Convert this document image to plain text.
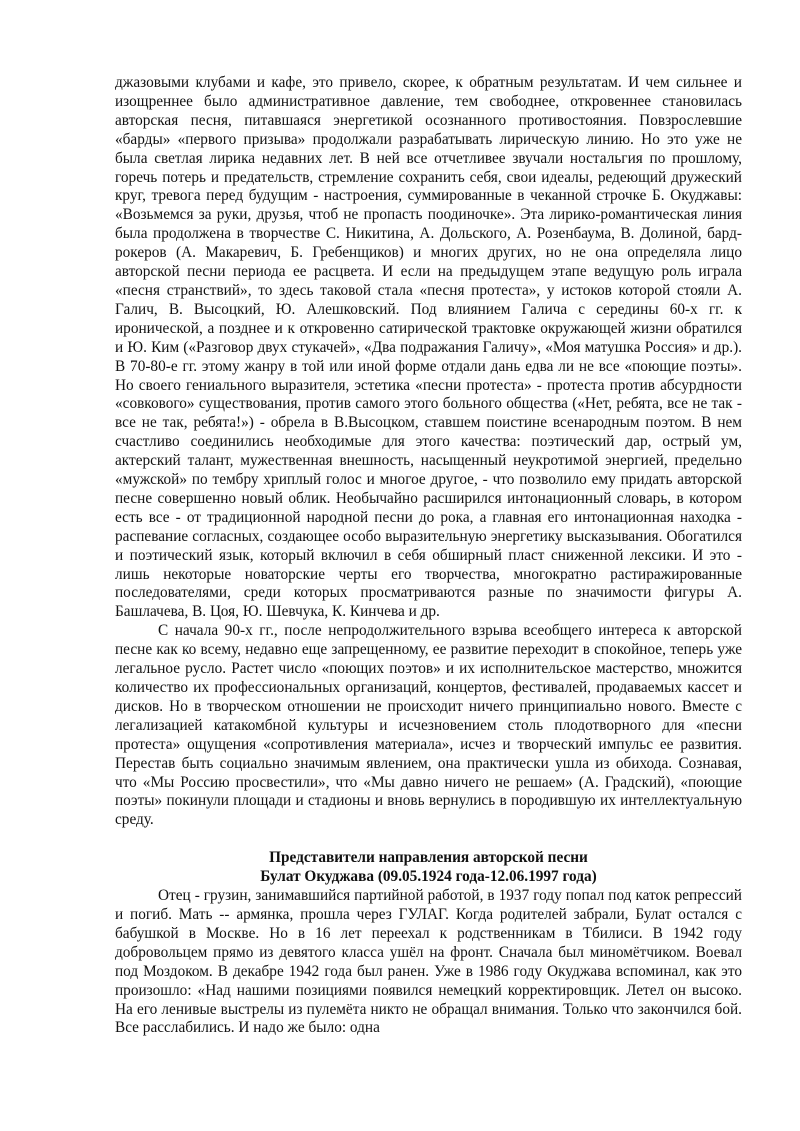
джазовыми клубами и кафе, это привело, скорее, к обратным результатам. И чем сильнее и изощреннее было административное давление, тем свободнее, откровеннее становилась авторская песня, питавшаяся энергетикой осознанного противостояния. Повзрослевшие «барды» «первого призыва» продолжали разрабатывать лирическую линию. Но это уже не была светлая лирика недавних лет. В ней все отчетливее звучали ностальгия по прошлому, горечь потерь и предательств, стремление сохранить себя, свои идеалы, редеющий дружеский круг, тревога перед будущим - настроения, суммированные в чеканной строчке Б. Окуджавы: «Возьмемся за руки, друзья, чтоб не пропасть поодиночке». Эта лирико-романтическая линия была продолжена в творчестве С. Никитина, А. Дольского, А. Розенбаума, В. Долиной, бард-рокеров (А. Макаревич, Б. Гребенщиков) и многих других, но не она определяла лицо авторской песни периода ее расцвета. И если на предыдущем этапе ведущую роль играла «песня странствий», то здесь таковой стала «песня протеста», у истоков которой стояли А. Галич, В. Высоцкий, Ю. Алешковский. Под влиянием Галича с середины 60-х гг. к иронической, а позднее и к откровенно сатирической трактовке окружающей жизни обратился и Ю. Ким («Разговор двух стукачей», «Два подражания Галичу», «Моя матушка Россия» и др.). В 70-80-е гг. этому жанру в той или иной форме отдали дань едва ли не все «поющие поэты». Но своего гениального выразителя, эстетика «песни протеста» - протеста против абсурдности «совкового» существования, против самого этого больного общества («Нет, ребята, все не так - все не так, ребята!») - обрела в В.Высоцком, ставшем поистине всенародным поэтом. В нем счастливо соединились необходимые для этого качества: поэтический дар, острый ум, актерский талант, мужественная внешность, насыщенный неукротимой энергией, предельно «мужской» по тембру хриплый голос и многое другое, - что позволило ему придать авторской песне совершенно новый облик. Необычайно расширился интонационный словарь, в котором есть все - от традиционной народной песни до рока, а главная его интонационная находка - распевание согласных, создающее особо выразительную энергетику высказывания. Обогатился и поэтический язык, который включил в себя обширный пласт сниженной лексики. И это - лишь некоторые новаторские черты его творчества, многократно растиражированные последователями, среди которых просматриваются разные по значимости фигуры А. Башлачева, В. Цоя, Ю. Шевчука, К. Кинчева и др.

С начала 90-х гг., после непродолжительного взрыва всеобщего интереса к авторской песне как ко всему, недавно еще запрещенному, ее развитие переходит в спокойное, теперь уже легальное русло. Растет число «поющих поэтов» и их исполнительское мастерство, множится количество их профессиональных организаций, концертов, фестивалей, продаваемых кассет и дисков. Но в творческом отношении не происходит ничего принципиально нового. Вместе с легализацией катакомбной культуры и исчезновением столь плодотворного для «песни протеста» ощущения «сопротивления материала», исчез и творческий импульс ее развития. Перестав быть социально значимым явлением, она практически ушла из обихода. Сознавая, что «Мы Россию просвестили», что «Мы давно ничего не решаем» (А. Градский), «поющие поэты» покинули площади и стадионы и вновь вернулись в породившую их интеллектуальную среду.

Представители направления авторской песни

Булат Окуджава (09.05.1924 года-12.06.1997 года)

Отец - грузин, занимавшийся партийной работой, в 1937 году попал под каток репрессий и погиб. Мать -- армянка, прошла через ГУЛАГ. Когда родителей забрали, Булат остался с бабушкой в Москве. Но в 16 лет переехал к родственникам в Тбилиси. В 1942 году добровольцем прямо из девятого класса ушёл на фронт. Сначала был миномётчиком. Воевал под Моздоком. В декабре 1942 года был ранен. Уже в 1986 году Окуджава вспоминал, как это произошло: «Над нашими позициями появился немецкий корректировщик. Летел он высоко. На его ленивые выстрелы из пулемёта никто не обращал внимания. Только что закончился бой. Все расслабились. И надо же было: одна
